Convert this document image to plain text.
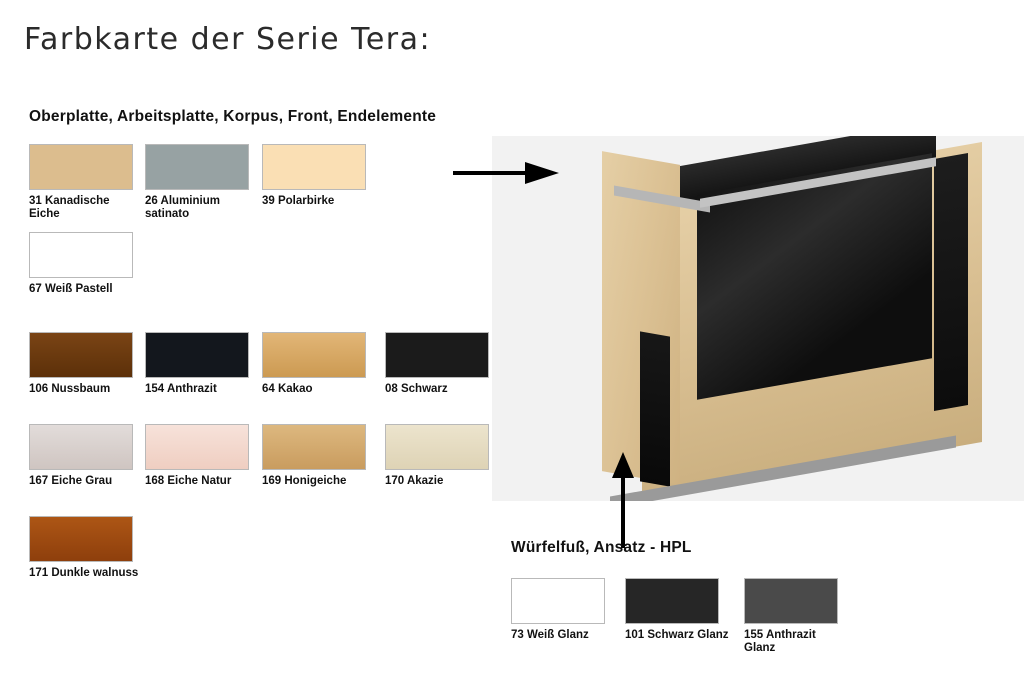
Farbkarte der Serie Tera:
Oberplatte, Arbeitsplatte, Korpus, Front, Endelemente
31 Kanadische Eiche
26 Aluminium satinato
39 Polarbirke
67 Weiß Pastell
106 Nussbaum	154 Anthrazit	64 Kakao	08 Schwarz
167 Eiche Grau	168 Eiche Natur	169 Honigeiche	170 Akazie
171 Dunkle walnuss
Würfelfuß, Ansatz - HPL
73 Weiß Glanz	101 Schwarz Glanz 155 Anthrazit Glanz
